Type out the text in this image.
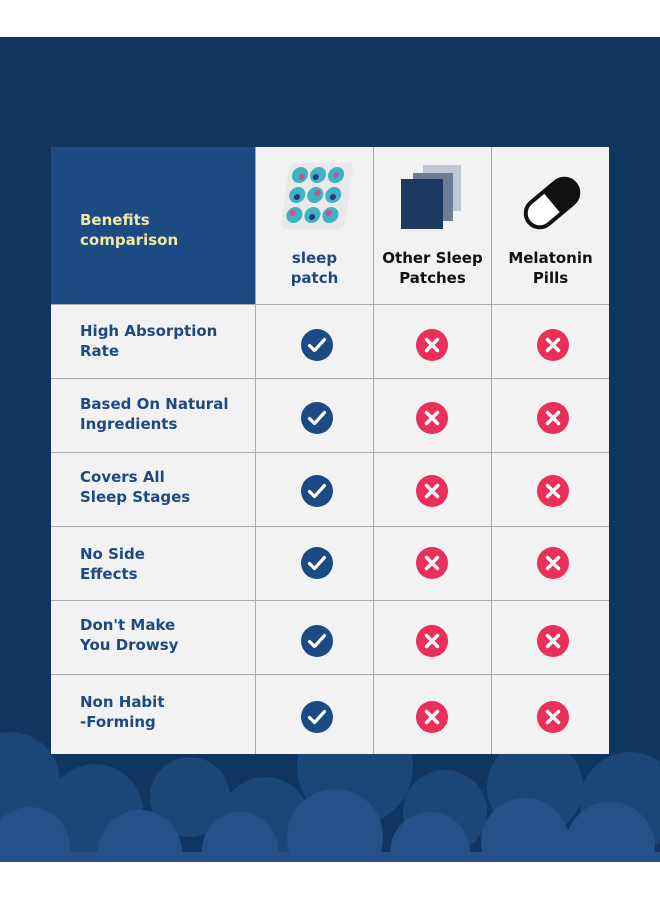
Benefits
comparison
sleep
patch
Other Sleep
Patches
Melatonin
Pills
High Absorption
Rate
Based On Natural
Ingredients
Covers All
Sleep Stages
No Side
Effects
Don't Make
You Drowsy
Non Habit
-Forming
